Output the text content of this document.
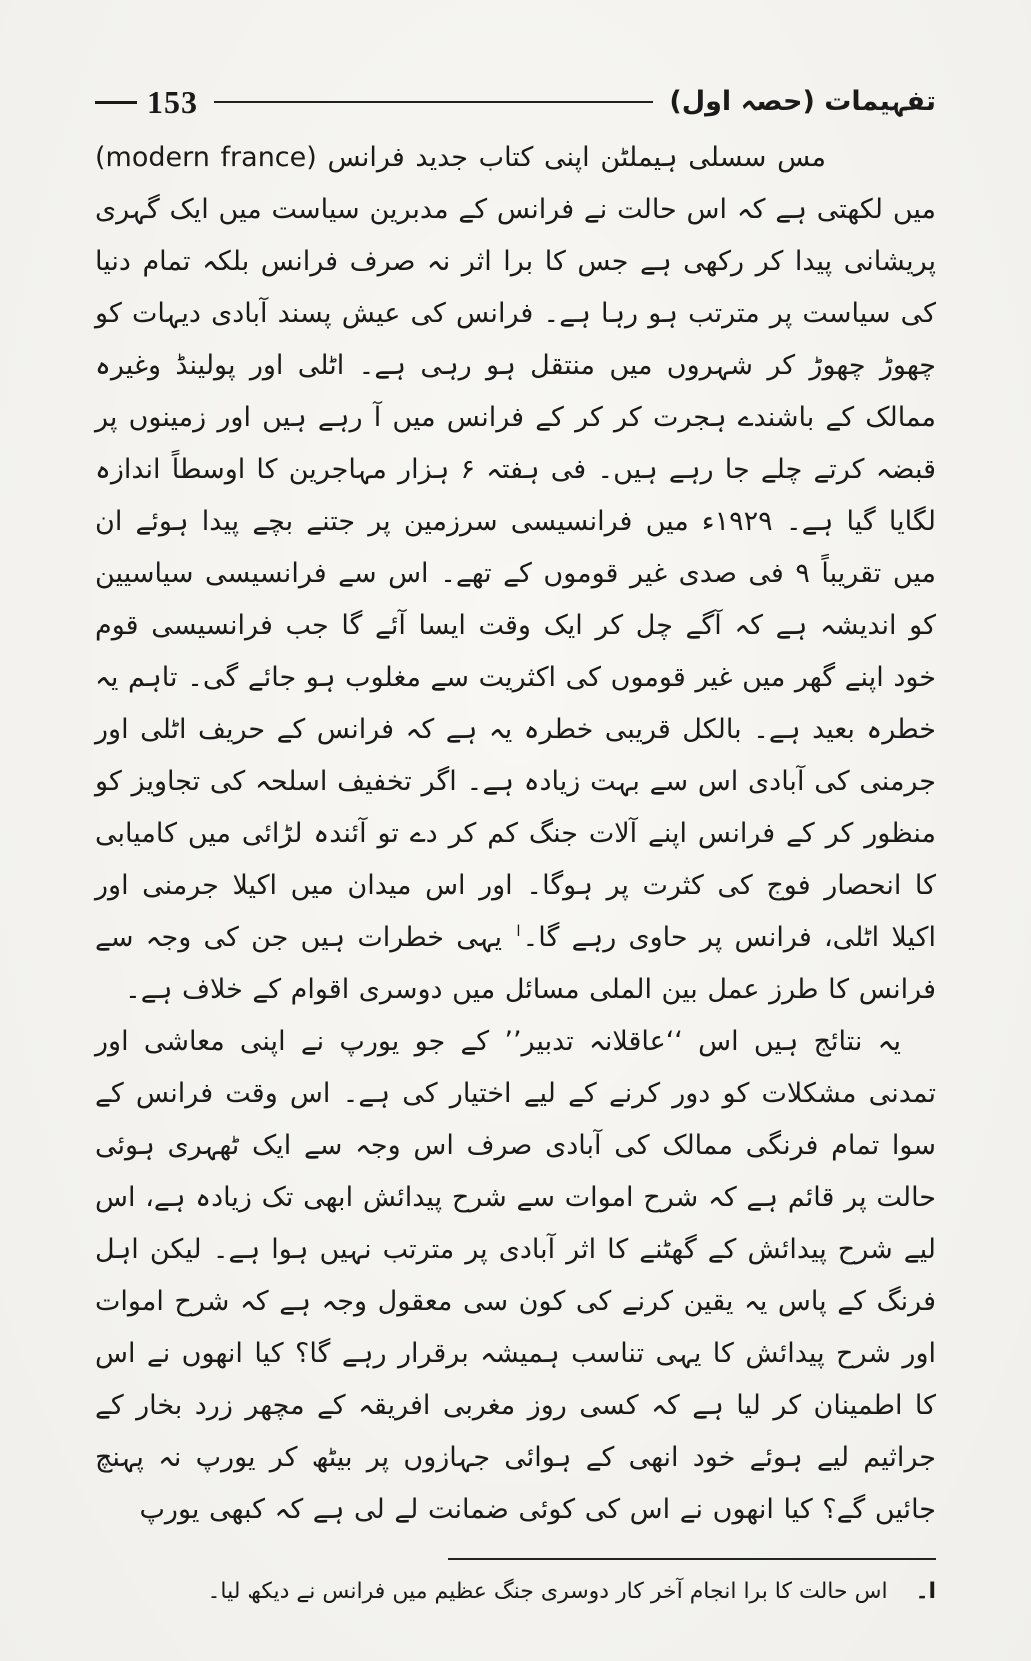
153	تفہیمات (حصہ اول)

مس سسلی ہیملٹن اپنی کتاب جدید فرانس (modern france) میں لکھتی ہے کہ اس حالت نے فرانس کے مدبرین سیاست میں ایک گہری پریشانی پیدا کر رکھی ہے جس کا برا اثر نہ صرف فرانس بلکہ تمام دنیا کی سیاست پر مترتب ہو رہا ہے۔ فرانس کی عیش پسند آبادی دیہات کو چھوڑ چھوڑ کر شہروں میں منتقل ہو رہی ہے۔ اٹلی اور پولینڈ وغیرہ ممالک کے باشندے ہجرت کر کر کے فرانس میں آ رہے ہیں اور زمینوں پر قبضہ کرتے چلے جا رہے ہیں۔ فی ہفتہ ۶ ہزار مہاجرین کا اوسطاً اندازہ لگایا گیا ہے۔ ۱۹۲۹ء میں فرانسیسی سرزمین پر جتنے بچے پیدا ہوئے ان میں تقریباً ۹ فی صدی غیر قوموں کے تھے۔ اس سے فرانسیسی سیاسیین کو اندیشہ ہے کہ آگے چل کر ایک وقت ایسا آئے گا جب فرانسیسی قوم خود اپنے گھر میں غیر قوموں کی اکثریت سے مغلوب ہو جائے گی۔ تاہم یہ خطرہ بعید ہے۔ بالکل قریبی خطرہ یہ ہے کہ فرانس کے حریف اٹلی اور جرمنی کی آبادی اس سے بہت زیادہ ہے۔ اگر تخفیف اسلحہ کی تجاویز کو منظور کر کے فرانس اپنے آلات جنگ کم کر دے تو آئندہ لڑائی میں کامیابی کا انحصار فوج کی کثرت پر ہوگا۔ اور اس میدان میں اکیلا جرمنی اور اکیلا اٹلی، فرانس پر حاوی رہے گا۔$^ا$ یہی خطرات ہیں جن کی وجہ سے فرانس کا طرز عمل بین الملی مسائل میں دوسری اقوام کے خلاف ہے۔

یہ نتائج ہیں اس ‘‘عاقلانہ تدبیر’’ کے جو یورپ نے اپنی معاشی اور تمدنی مشکلات کو دور کرنے کے لیے اختیار کی ہے۔ اس وقت فرانس کے سوا تمام فرنگی ممالک کی آبادی صرف اس وجہ سے ایک ٹھہری ہوئی حالت پر قائم ہے کہ شرح اموات سے شرح پیدائش ابھی تک زیادہ ہے، اس لیے شرح پیدائش کے گھٹنے کا اثر آبادی پر مترتب نہیں ہوا ہے۔ لیکن اہل فرنگ کے پاس یہ یقین کرنے کی کون سی معقول وجہ ہے کہ شرح اموات اور شرح پیدائش کا یہی تناسب ہمیشہ برقرار رہے گا؟ کیا انھوں نے اس کا اطمینان کر لیا ہے کہ کسی روز مغربی افریقہ کے مچھر زرد بخار کے جراثیم لیے ہوئے خود انھی کے ہوائی جہازوں پر بیٹھ کر یورپ نہ پہنچ جائیں گے؟ کیا انھوں نے اس کی کوئی ضمانت لے لی ہے کہ کبھی یورپ

ا۔اس حالت کا برا انجام آخر کار دوسری جنگ عظیم میں فرانس نے دیکھ لیا۔
